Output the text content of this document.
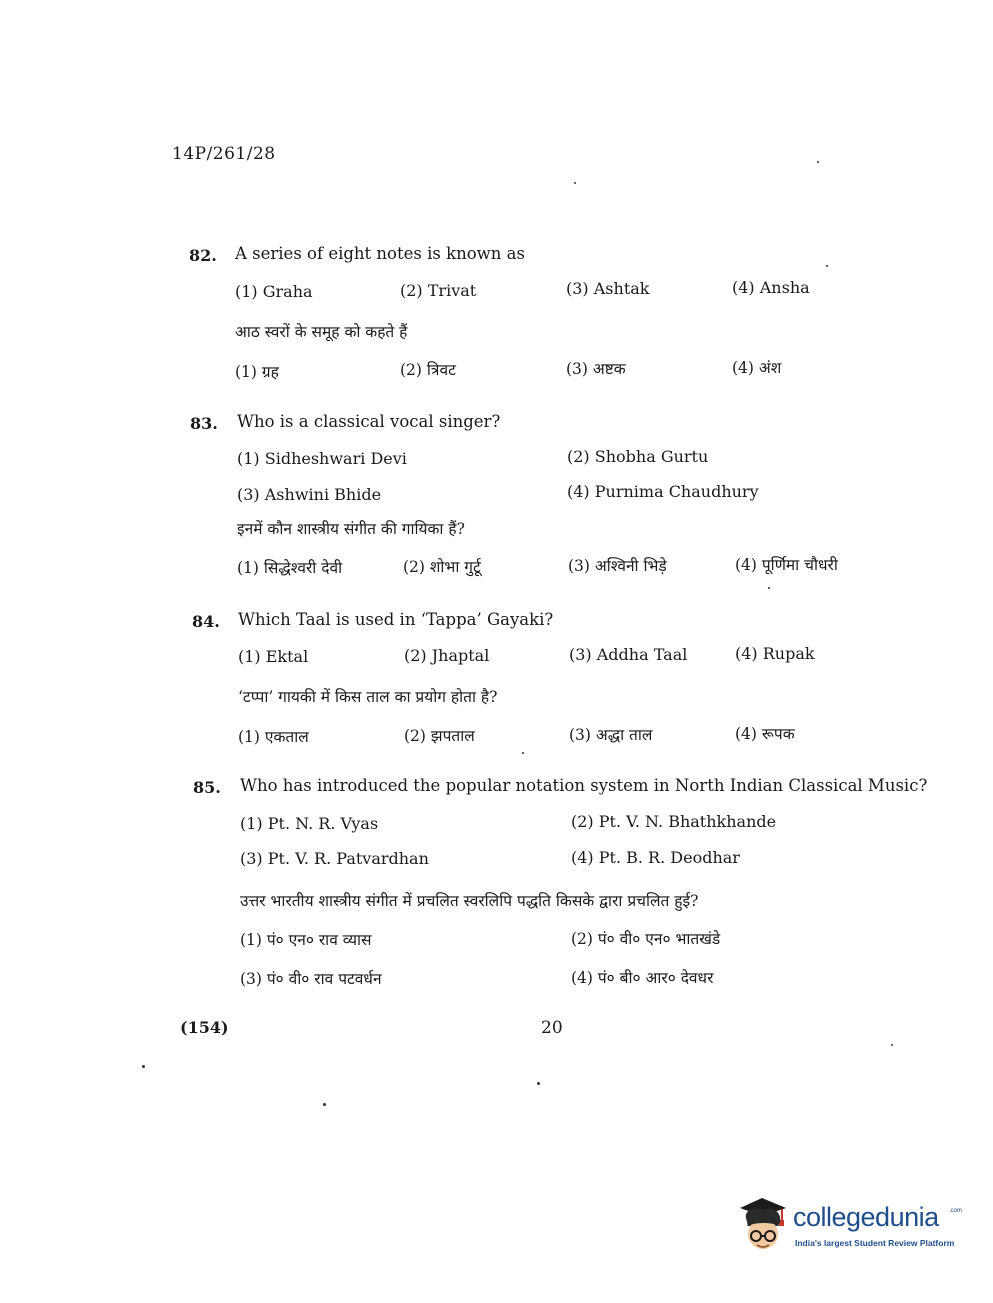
14P/261/28
82. A series of eight notes is known as
(1) Graha	(2) Trivat	(3) Ashtak	(4) Ansha
आठ स्वरों के समूह को कहते हैं
(1) ग्रह	(2) त्रिवट	(3) अष्टक	(4) अंश
83. Who is a classical vocal singer?
(1) Sidheshwari Devi	(2) Shobha Gurtu
(3) Ashwini Bhide	(4) Purnima Chaudhury
इनमें कौन शास्त्रीय संगीत की गायिका हैं?
(1) सिद्धेश्वरी देवी	(2) शोभा गुर्टू	(3) अश्विनी भिड़े	(4) पूर्णिमा चौधरी
84. Which Taal is used in ‘Tappa’ Gayaki?
(1) Ektal	(2) Jhaptal	(3) Addha Taal	(4) Rupak
‘टप्पा’ गायकी में किस ताल का प्रयोग होता है?
(1) एकताल	(2) झपताल	(3) अद्धा ताल	(4) रूपक
85. Who has introduced the popular notation system in North Indian Classical Music?
(1) Pt. N. R. Vyas	(2) Pt. V. N. Bhathkhande
(3) Pt. V. R. Patvardhan	(4) Pt. B. R. Deodhar
उत्तर भारतीय शास्त्रीय संगीत में प्रचलित स्वरलिपि पद्धति किसके द्वारा प्रचलित हुई?
(1) पं० एन० राव व्यास	(2) पं० वी० एन० भातखंडे
(3) पं० वी० राव पटवर्धन	(4) पं० बी० आर० देवधर
(154)	20
collegedunia .com
India's largest Student Review Platform
